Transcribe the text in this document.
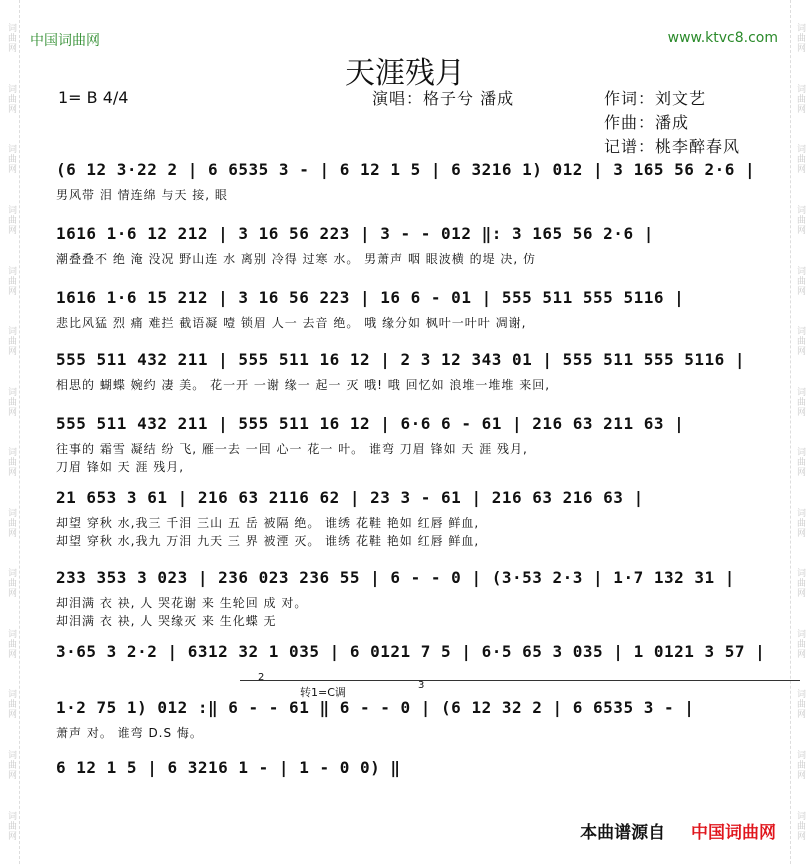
词曲网
词曲网
词曲网
词曲网
词曲网
词曲网
词曲网
词曲网
词曲网
词曲网
词曲网
词曲网
词曲网
词曲网
词曲网
词曲网
词曲网
词曲网
词曲网
词曲网
词曲网
词曲网
词曲网
词曲网
词曲网
词曲网
词曲网
词曲网
中国词曲网	www.ktvc8.com
天涯残月
1= B 4/4	演唱：格子兮 潘成	作词：刘文艺
作曲：潘成
记谱：桃李醉春风
(6 12 3·22 2 | 6 6535 3 - | 6 12 1 5 | 6 3216 1) 012 | 3 165 56 2·6 |
男风带 泪 情连绵 与天 接, 眼
1616 1·6 12 212 | 3 16 56 223 | 3 - - 012 ‖: 3 165 56 2·6 |
潮叠叠不 绝 淹 没况 野山连 水 离别 冷得 过寒 水。 男萧声 咽 眼波横 的堤 决, 仿
1616 1·6 15 212 | 3 16 56 223 | 16 6 - 01 | 555 511 555 5116 |
悲比风猛 烈 痛 难拦 截语凝 噎 锁眉 人一 去音 绝。 哦 缘分如 枫叶一叶叶 凋谢,
555 511 432 211 | 555 511 16 12 | 2 3 12 343 01 | 555 511 555 5116 |
相思的 蝴蝶 婉约 凄 美。 花一开 一谢 缘一 起一 灭 哦! 哦 回忆如 浪堆一堆堆 来回,
555 511 432 211 | 555 511 16 12 | 6·6 6 - 61 | 216 63 211 63 |
往事的 霜雪 凝结 纷 飞, 雁一去 一回 心一 花一 叶。 谁弯 刀眉 锋如 天 涯 残月,
刀眉 锋如 天 涯 残月,
21 653 3 61 | 216 63 2116 62 | 23 3 - 61 | 216 63 216 63 |
却望 穿秋 水,我三 千泪 三山 五 岳 被隔 绝。 谁绣 花鞋 艳如 红唇 鲜血,
却望 穿秋 水,我九 万泪 九天 三 界 被湮 灭。 谁绣 花鞋 艳如 红唇 鲜血,
233 353 3 023 | 236 023 236 55 | 6 - - 0 | (3·53 2·3 | 1·7 132 31 |
却泪满 衣 袂, 人 哭花谢 来 生轮回 成 对。
却泪满 衣 袂, 人 哭缘灭 来 生化蝶 无
3·65 3 2·2 | 6312 32 1 035 | 6 0121 7 5 | 6·5 65 3 035 | 1 0121 3 57 |
2
3
转1=C调
1·2 75 1) 012 :‖ 6 - - 61 ‖ 6 - - 0 | (6 12 32 2 | 6 6535 3 - |
萧声 对。 谁弯 D.S 悔。
6 12 1 5 | 6 3216 1 - | 1 - 0 0) ‖
本曲谱源自 中国词曲网
